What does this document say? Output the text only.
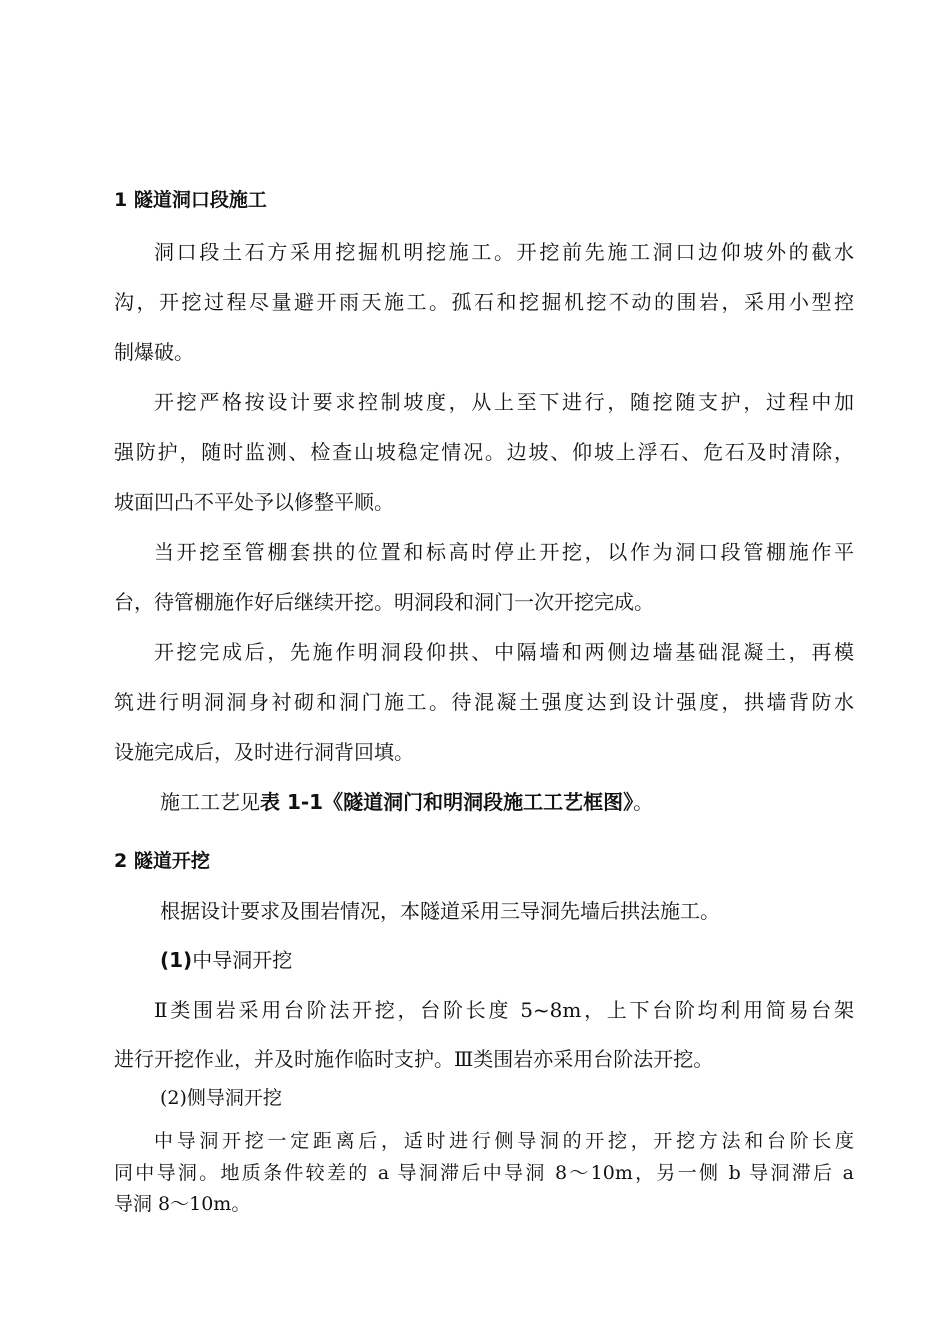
1 隧道洞口段施工
洞口段土石方采用挖掘机明挖施工。开挖前先施工洞口边仰坡外的截水
沟，开挖过程尽量避开雨天施工。孤石和挖掘机挖不动的围岩，采用小型控
制爆破。
开挖严格按设计要求控制坡度，从上至下进行，随挖随支护，过程中加
强防护，随时监测、检查山坡稳定情况。边坡、仰坡上浮石、危石及时清除，
坡面凹凸不平处予以修整平顺。
当开挖至管棚套拱的位置和标高时停止开挖，以作为洞口段管棚施作平
台，待管棚施作好后继续开挖。明洞段和洞门一次开挖完成。
开挖完成后，先施作明洞段仰拱、中隔墙和两侧边墙基础混凝土，再模
筑进行明洞洞身衬砌和洞门施工。待混凝土强度达到设计强度，拱墙背防水
设施完成后，及时进行洞背回填。
施工工艺见表 1-1《隧道洞门和明洞段施工工艺框图》。
2 隧道开挖
根据设计要求及围岩情况，本隧道采用三导洞先墙后拱法施工。
(1)中导洞开挖
Ⅱ类围岩采用台阶法开挖，台阶长度 5~8m，上下台阶均利用简易台架
进行开挖作业，并及时施作临时支护。Ⅲ类围岩亦采用台阶法开挖。
(2)侧导洞开挖
中导洞开挖一定距离后，适时进行侧导洞的开挖，开挖方法和台阶长度
同中导洞。地质条件较差的 a 导洞滞后中导洞 8～10m，另一侧 b 导洞滞后 a
导洞 8～10m。
